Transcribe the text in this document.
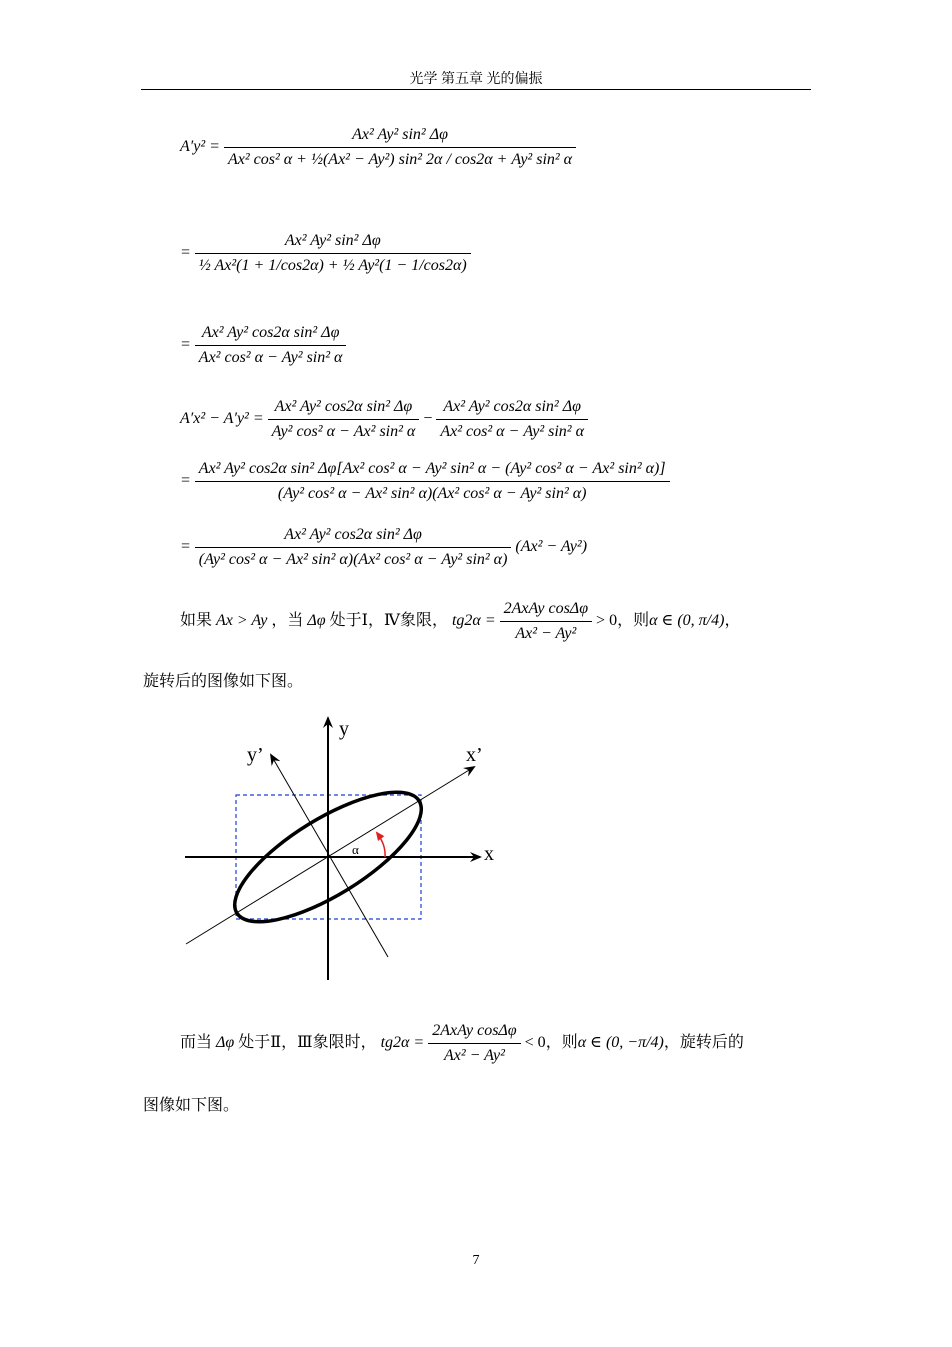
光学 第五章 光的偏振
$A'y^2 = \frac{\text{Ax² Ay² sin² Δφ}}{\text{Ax² cos² α + ½(Ax² − Ay²) sin² 2α / cos2α + Ay² sin² α}}$
= $\frac{\text{Ax² Ay² sin² Δφ}}{\text{½ Ax²(1 + 1/cos2α) + ½ Ay²(1 − 1/cos2α)}}$
= $\frac{\text{Ax² Ay² cos2α sin² Δφ}}{\text{Ax² cos² α − Ay² sin² α}}$
$A'x^2 - A'y^2 = \frac{\text{Ax² Ay² cos2α sin² Δφ}}{\text{Ay² cos² α − Ax² sin² α}} - \frac{\text{Ax² Ay² cos2α sin² Δφ}}{\text{Ax² cos² α − Ay² sin² α}}$
=
Ax² Ay² cos2α sin² Δφ[Ax² cos² α − Ay² sin² α − (Ay² cos² α − Ax² sin² α)]
(Ay² cos² α − Ax² sin² α)(Ax² cos² α − Ay² sin² α)
= $\frac{\text{Ax² Ay² cos2α sin² Δφ}}{\text{(Ay² cos² α − Ax² sin² α)(Ax² cos² α − Ay² sin² α)}} (Ax^2 - Ay^2)$
如果 Ax > Ay ，当 Δφ 处于Ⅰ，Ⅳ象限， $tg2\alpha = \frac{\text{2AxAy cosΔφ}}{\text{Ax² − Ay²}} > 0$，则α ∈ (0, π/4)，
旋转后的图像如下图。
y
x
y’	x’
α
而当 Δφ 处于Ⅱ，Ⅲ象限时， $tg2\alpha = \frac{\text{2AxAy cosΔφ}}{\text{Ax² − Ay²}} < 0$，则α ∈ (0, −π/4)，旋转后的
图像如下图。
7
